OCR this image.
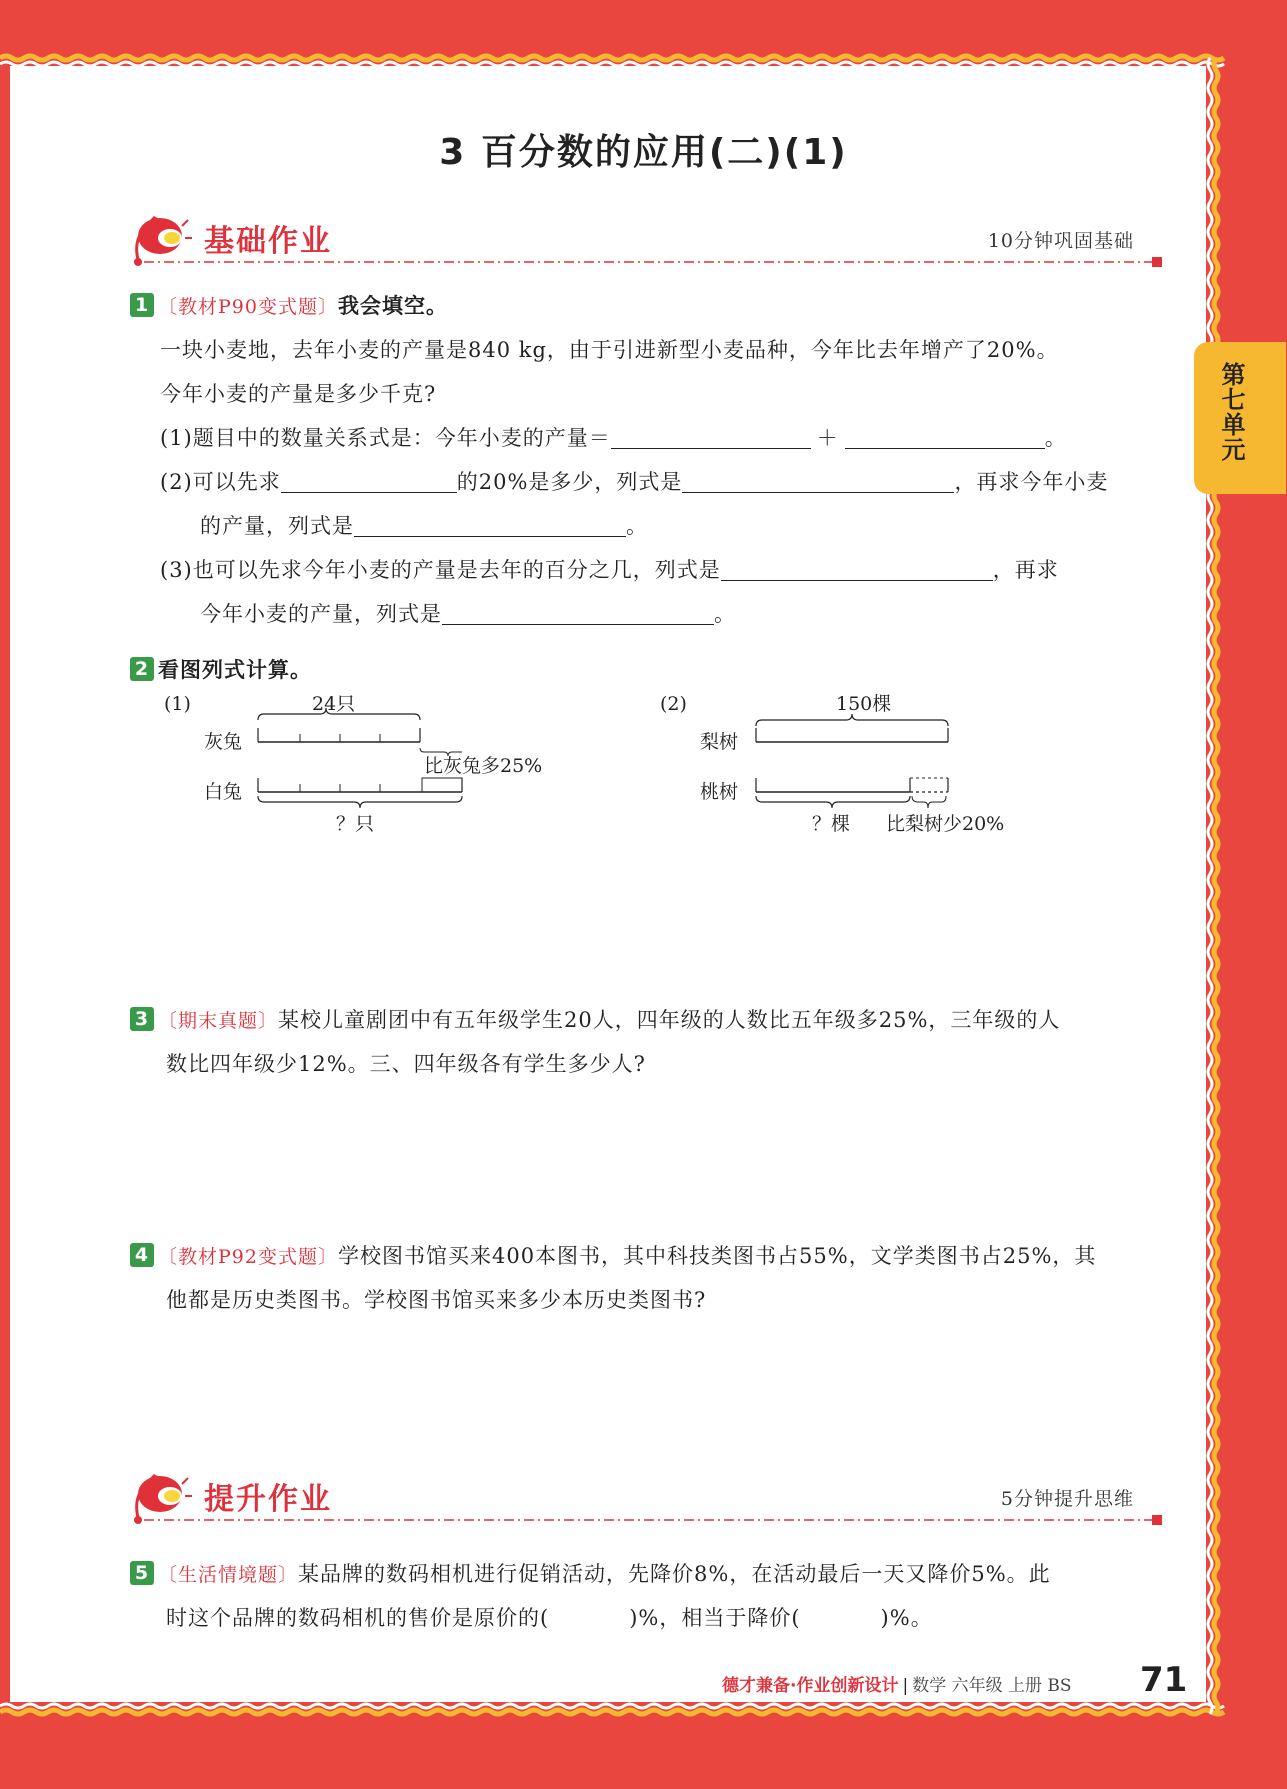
第七单元
3 百分数的应用(二)(1)
基础作业	10分钟巩固基础
1 〔教材P90变式题〕我会填空。
一块小麦地，去年小麦的产量是840 kg，由于引进新型小麦品种，今年比去年增产了20%。
今年小麦的产量是多少千克?
(1)题目中的数量关系式是：今年小麦的产量＝	＋	。
(2)可以先求	的20%是多少，列式是	，再求今年小麦
的产量，列式是	。
(3)也可以先求今年小麦的产量是去年的百分之几，列式是	，再求
今年小麦的产量，列式是	。
2 看图列式计算。
(1)	24只
灰兔
比灰兔多25%
白兔
？只
(2)	150棵
梨树
桃树
？棵 比梨树少20%
3 〔期末真题〕某校儿童剧团中有五年级学生20人，四年级的人数比五年级多25%，三年级的人
数比四年级少12%。三、四年级各有学生多少人?
4 〔教材P92变式题〕学校图书馆买来400本图书，其中科技类图书占55%，文学类图书占25%，其
他都是历史类图书。学校图书馆买来多少本历史类图书?
提升作业	5分钟提升思维
5 〔生活情境题〕某品牌的数码相机进行促销活动，先降价8%，在活动最后一天又降价5%。此
时这个品牌的数码相机的售价是原价的(	)%，相当于降价(	)%。
德才兼备·作业创新设计 | 数学 六年级 上册 BS 71
